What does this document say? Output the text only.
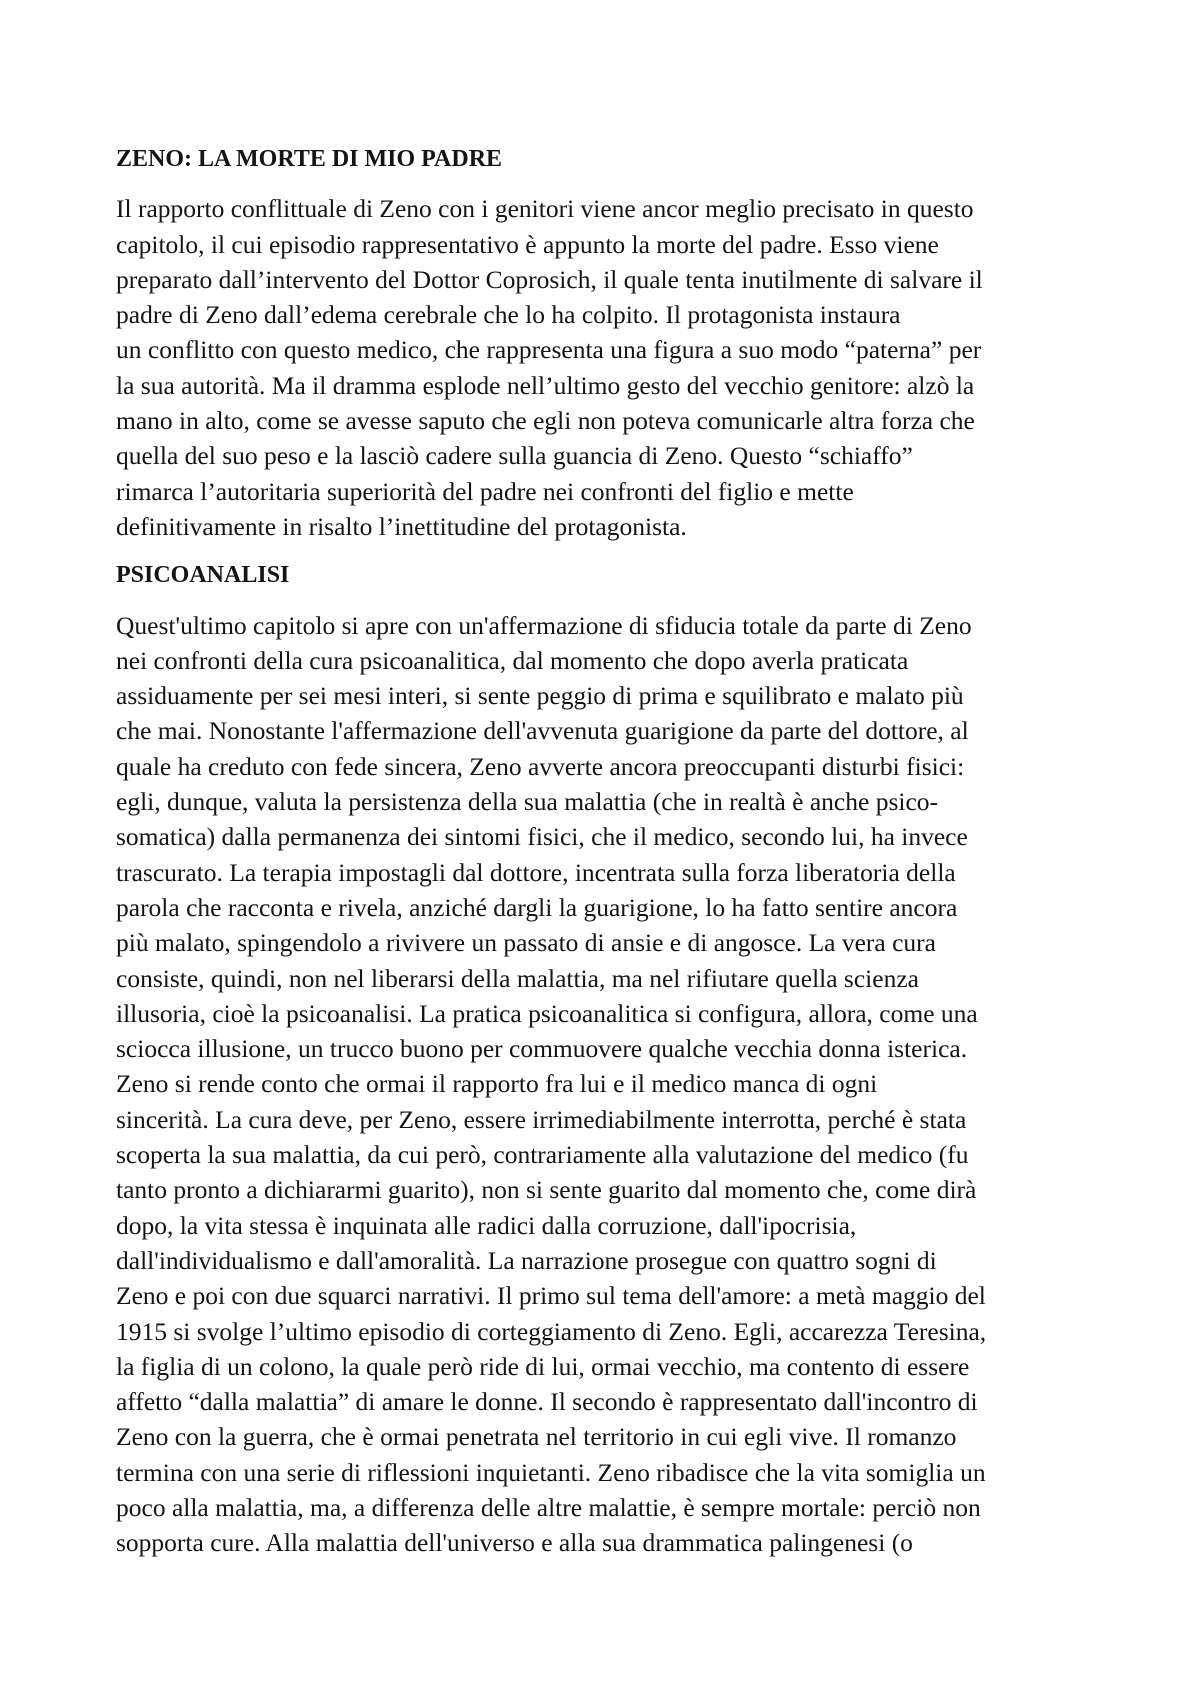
ZENO: LA MORTE DI MIO PADRE
Il rapporto conflittuale di Zeno con i genitori viene ancor meglio precisato in questo
capitolo, il cui episodio rappresentativo è appunto la morte del padre. Esso viene
preparato dall’intervento del Dottor Coprosich, il quale tenta inutilmente di salvare il
padre di Zeno dall’edema cerebrale che lo ha colpito. Il protagonista instaura
un conflitto con questo medico, che rappresenta una figura a suo modo “paterna” per
la sua autorità. Ma il dramma esplode nell’ultimo gesto del vecchio genitore: alzò la
mano in alto, come se avesse saputo che egli non poteva comunicarle altra forza che
quella del suo peso e la lasciò cadere sulla guancia di Zeno. Questo “schiaffo”
rimarca l’autoritaria superiorità del padre nei confronti del figlio e mette
definitivamente in risalto l’inettitudine del protagonista.
PSICOANALISI
Quest'ultimo capitolo si apre con un'affermazione di sfiducia totale da parte di Zeno
nei confronti della cura psicoanalitica, dal momento che dopo averla praticata
assiduamente per sei mesi interi, si sente peggio di prima e squilibrato e malato più
che mai. Nonostante l'affermazione dell'avvenuta guarigione da parte del dottore, al
quale ha creduto con fede sincera, Zeno avverte ancora preoccupanti disturbi fisici:
egli, dunque, valuta la persistenza della sua malattia (che in realtà è anche psico-
somatica) dalla permanenza dei sintomi fisici, che il medico, secondo lui, ha invece
trascurato. La terapia impostagli dal dottore, incentrata sulla forza liberatoria della
parola che racconta e rivela, anziché dargli la guarigione, lo ha fatto sentire ancora
più malato, spingendolo a rivivere un passato di ansie e di angosce. La vera cura
consiste, quindi, non nel liberarsi della malattia, ma nel rifiutare quella scienza
illusoria, cioè la psicoanalisi. La pratica psicoanalitica si configura, allora, come una
sciocca illusione, un trucco buono per commuovere qualche vecchia donna isterica.
Zeno si rende conto che ormai il rapporto fra lui e il medico manca di ogni
sincerità. La cura deve, per Zeno, essere irrimediabilmente interrotta, perché è stata
scoperta la sua malattia, da cui però, contrariamente alla valutazione del medico (fu
tanto pronto a dichiararmi guarito), non si sente guarito dal momento che, come dirà
dopo, la vita stessa è inquinata alle radici dalla corruzione, dall'ipocrisia,
dall'individualismo e dall'amoralità. La narrazione prosegue con quattro sogni di
Zeno e poi con due squarci narrativi. Il primo sul tema dell'amore: a metà maggio del
1915 si svolge l’ultimo episodio di corteggiamento di Zeno. Egli, accarezza Teresina,
la figlia di un colono, la quale però ride di lui, ormai vecchio, ma contento di essere
affetto “dalla malattia” di amare le donne. Il secondo è rappresentato dall'incontro di
Zeno con la guerra, che è ormai penetrata nel territorio in cui egli vive. Il romanzo
termina con una serie di riflessioni inquietanti. Zeno ribadisce che la vita somiglia un
poco alla malattia, ma, a differenza delle altre malattie, è sempre mortale: perciò non
sopporta cure. Alla malattia dell'universo e alla sua drammatica palingenesi (o
